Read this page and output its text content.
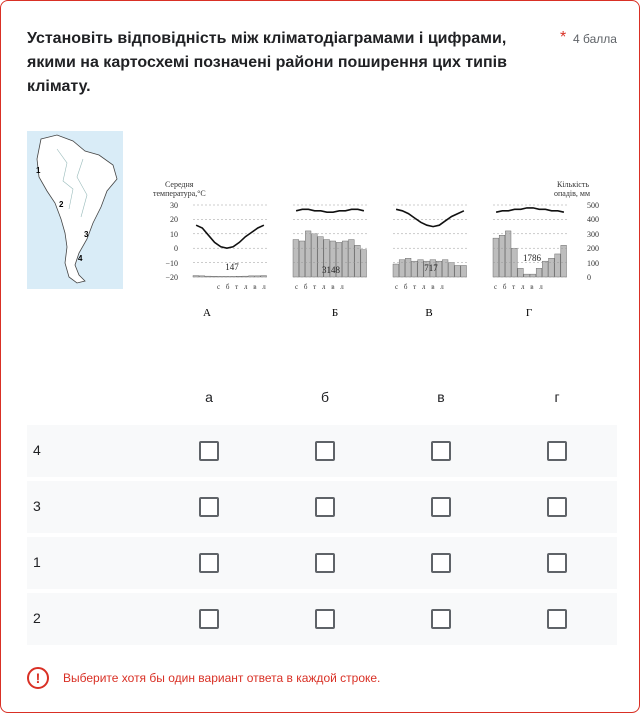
Установіть відповідність між кліматодіаграмами і цифрами, якими на картосхемі позначені райони поширення цих типів клімату.
* 4 балла
1
2
3
4
Середня
температура,°С
Кількість
опадів, мм
30
20
10
0
−10
−20
500
400
300
200
100
0
147
с б т л в л
А
3148
с б т л в л
Б
717
с б т л в л
В
1786
с б т л в л
Г
а	б	в	г
4
3
1
2
!	Выберите хотя бы один вариант ответа в каждой строке.
